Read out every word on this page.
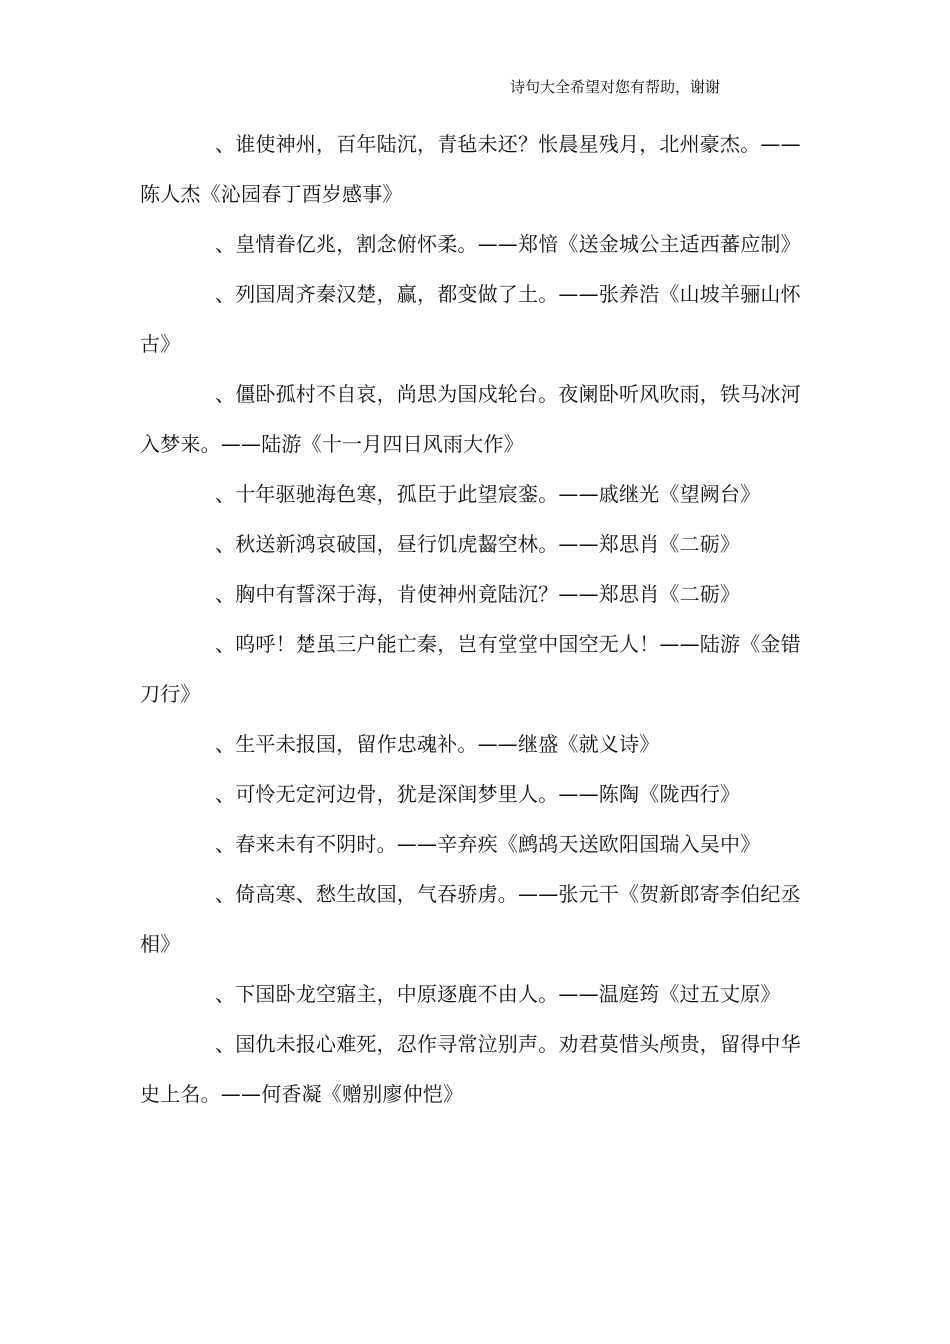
诗句大全希望对您有帮助，谢谢

、谁使神州，百年陆沉，青毡未还？怅晨星残月，北州豪杰。——陈人杰《沁园春丁酉岁感事》

、皇情眷亿兆，割念俯怀柔。——郑愔《送金城公主适西蕃应制》

、列国周齐秦汉楚，赢，都变做了土。——张养浩《山坡羊骊山怀古》

、僵卧孤村不自哀，尚思为国戍轮台。夜阑卧听风吹雨，铁马冰河入梦来。——陆游《十一月四日风雨大作》

、十年驱驰海色寒，孤臣于此望宸銮。——戚继光《望阙台》

、秋送新鸿哀破国，昼行饥虎齧空林。——郑思肖《二砺》

、胸中有誓深于海，肯使神州竟陆沉？——郑思肖《二砺》

、呜呼！楚虽三户能亡秦，岂有堂堂中国空无人！——陆游《金错刀行》

、生平未报国，留作忠魂补。——继盛《就义诗》

、可怜无定河边骨，犹是深闺梦里人。——陈陶《陇西行》

、春来未有不阴时。——辛弃疾《鹧鸪天送欧阳国瑞入吴中》

、倚高寒、愁生故国，气吞骄虏。——张元干《贺新郎寄李伯纪丞相》

、下国卧龙空寤主，中原逐鹿不由人。——温庭筠《过五丈原》

、国仇未报心难死，忍作寻常泣别声。劝君莫惜头颅贵，留得中华史上名。——何香凝《赠别廖仲恺》
